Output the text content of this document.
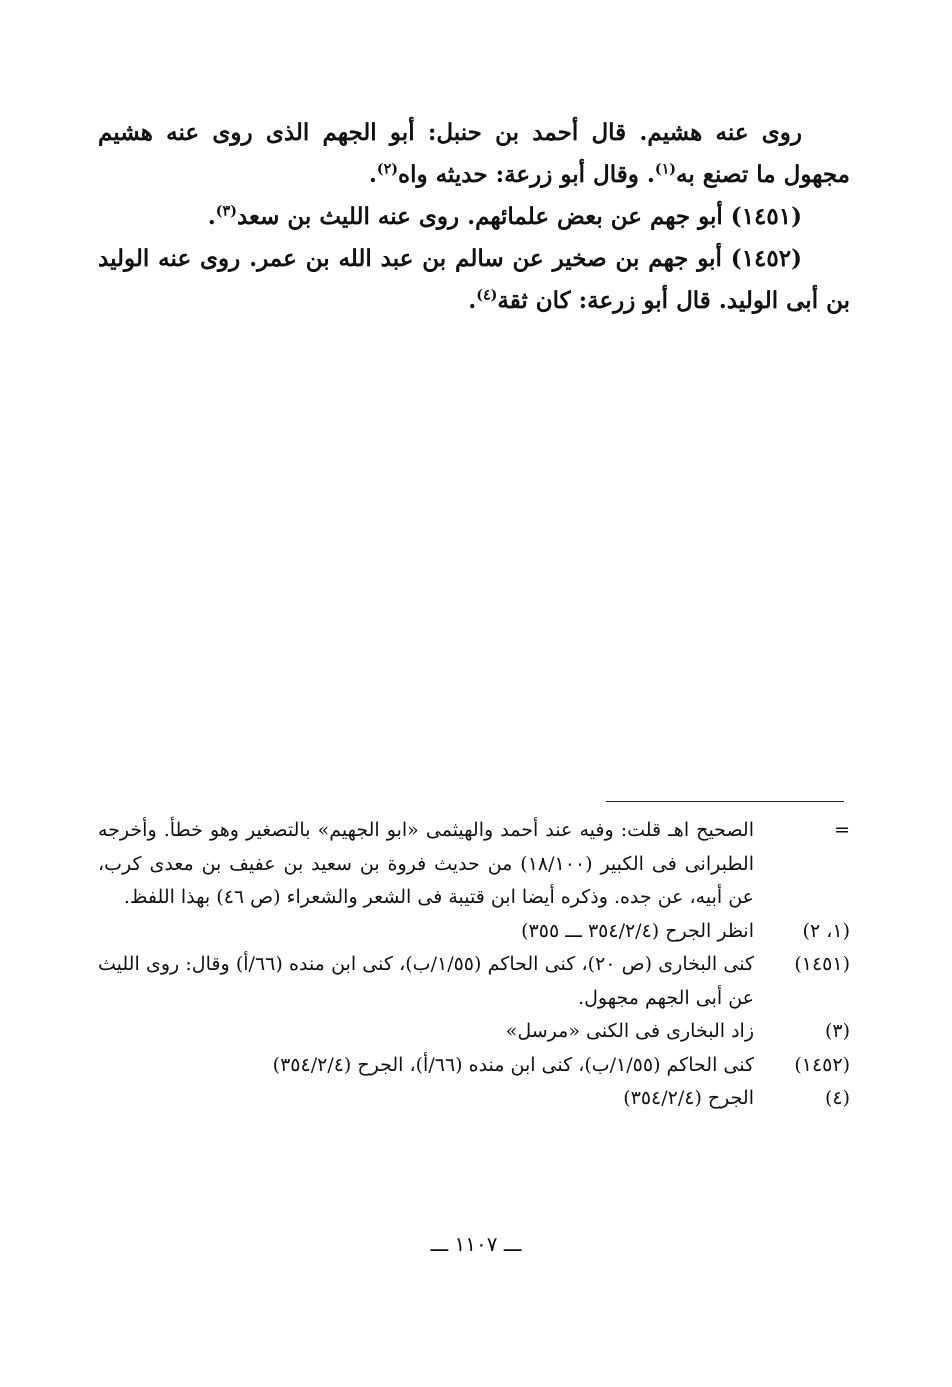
روى عنه هشيم. قال أحمد بن حنبل: أبو الجهم الذى روى عنه هشيم مجهول ما تصنع به$^{(١)}$. وقال أبو زرعة: حديثه واه$^{(٢)}$.

(١٤٥١) أبو جهم عن بعض علمائهم. روى عنه الليث بن سعد$^{(٣)}$.

(١٤٥٢) أبو جهم بن صخير عن سالم بن عبد الله بن عمر. روى عنه الوليد بن أبى الوليد. قال أبو زرعة: كان ثقة$^{(٤)}$.

=
الصحيح اهـ قلت: وفيه عند أحمد والهيثمى «ابو الجهيم» بالتصغير وهو خطأ. وأخرجه الطبرانى فى الكبير (١٨/١٠٠) من حديث فروة بن سعيد بن عفيف بن معدى كرب، عن أبيه، عن جده. وذكره أيضا ابن قتيبة فى الشعر والشعراء (ص ٤٦) بهذا اللفظ.
(١، ٢)
انظر الجرح (٣٥٤/٢/٤ ـــ ٣٥٥)
(١٤٥١)
كنى البخارى (ص ٢٠)، كنى الحاكم (١/٥٥/ب)، كنى ابن منده (٦٦/أ) وقال: روى الليث عن أبى الجهم مجهول.
(٣)
زاد البخارى فى الكنى «مرسل»
(١٤٥٢)
كنى الحاكم (١/٥٥/ب)، كنى ابن منده (٦٦/أ)، الجرح (٣٥٤/٢/٤)
(٤)
الجرح (٣٥٤/٢/٤)
ـــ ١١٠٧ ـــ
